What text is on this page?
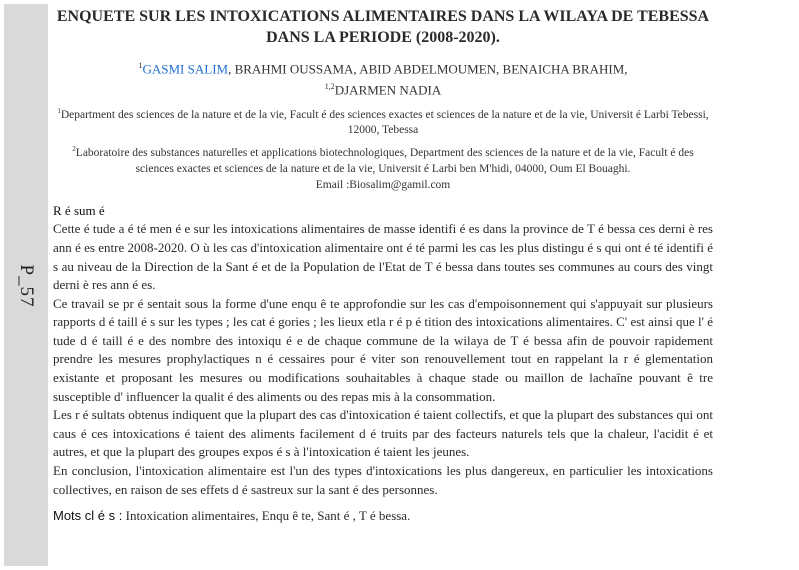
P_57
ENQUETE SUR LES INTOXICATIONS ALIMENTAIRES DANS LA WILAYA DE TEBESSA DANS LA PERIODE (2008-2020).

$^1$GASMI SALIM, BRAHMI OUSSAMA, ABID ABDELMOUMEN, BENAICHA BRAHIM,
$^{1,2}$DJARMEN NADIA

$^1$Department des sciences de la nature et de la vie, Facult é des sciences exactes et sciences de la nature et de la vie, Universit é Larbi Tebessi, 12000, Tebessa

$^2$Laboratoire des substances naturelles et applications biotechnologiques, Department des sciences de la nature et de la vie, Facult é des sciences exactes et sciences de la nature et de la vie, Universit é Larbi ben M'hidi, 04000, Oum El Bouaghi.

Email :Biosalim@gamil.com

R é sum é

Cette é tude a é té men é e sur les intoxications alimentaires de masse identifi é es dans la province de T é bessa ces derni è res ann é es entre 2008-2020. O ù les cas d'intoxication alimentaire ont é té parmi les cas les plus distingu é s qui ont é té identifi é s au niveau de la Direction de la Sant é et de la Population de l'Etat de T é bessa dans toutes ses communes au cours des vingt derni è res ann é es.

Ce travail se pr é sentait sous la forme d'une enqu ê te approfondie sur les cas d'empoisonnement qui s'appuyait sur plusieurs rapports d é taill é s sur les types ; les cat é gories ; les lieux etla r é p é tition des intoxications alimentaires. C' est ainsi que l' é tude d é taill é e des nombre des intoxiqu é e de chaque commune de la wilaya de T é bessa afin de pouvoir rapidement prendre les mesures prophylactiques n é cessaires pour é viter son renouvellement tout en rappelant la r é glementation existante et proposant les mesures ou modifications souhaitables à chaque stade ou maillon de lachaîne pouvant ê tre susceptible d' influencer la qualit é des aliments ou des repas mis à la consommation.

Les r é sultats obtenus indiquent que la plupart des cas d'intoxication é taient collectifs, et que la plupart des substances qui ont caus é ces intoxications é taient des aliments facilement d é truits par des facteurs naturels tels que la chaleur, l'acidit é et autres, et que la plupart des groupes expos é s à l'intoxication é taient les jeunes.

En conclusion, l'intoxication alimentaire est l'un des types d'intoxications les plus dangereux, en particulier les intoxications collectives, en raison de ses effets d é sastreux sur la sant é des personnes.

Mots cl é s : Intoxication alimentaires, Enqu ê te, Sant é , T é bessa.
